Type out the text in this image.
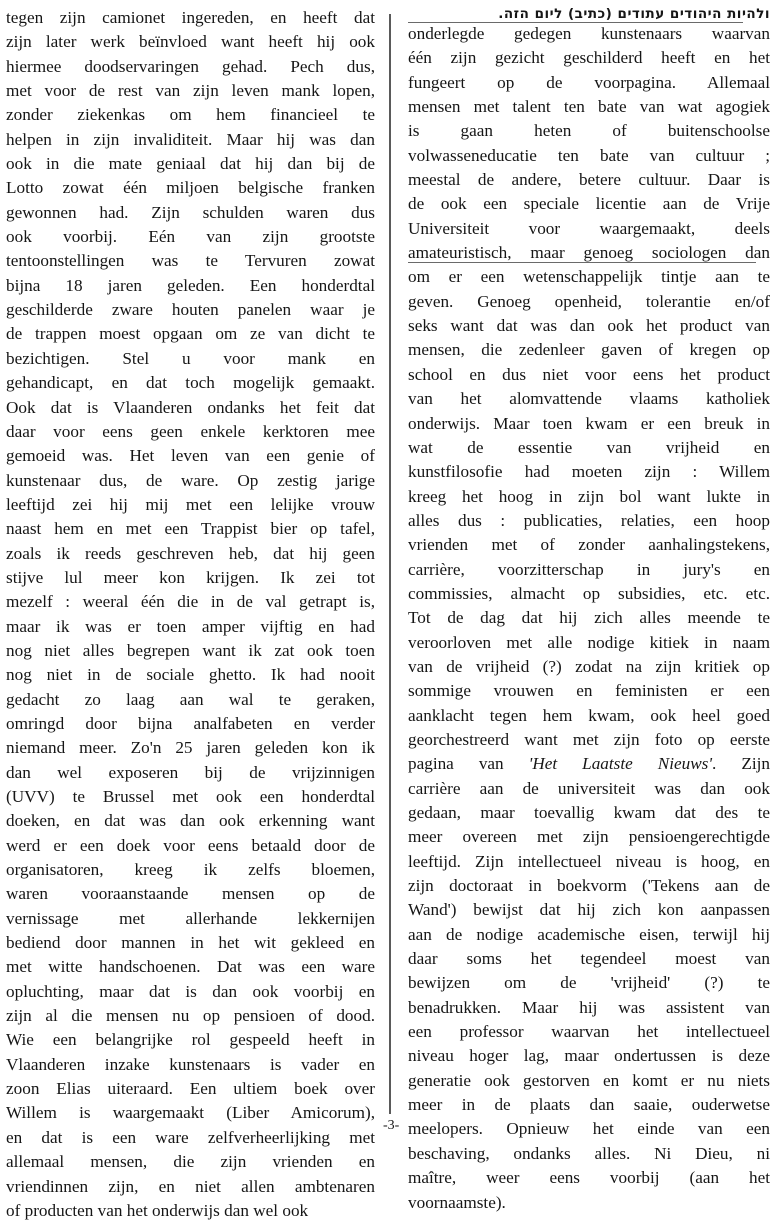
tegen zijn camionet ingereden, en heeft dat
zijn later werk beïnvloed want heeft hij ook
hiermee doodservaringen gehad. Pech dus,
met voor de rest van zijn leven mank lopen,
zonder ziekenkas om hem financieel te
helpen in zijn invaliditeit. Maar hij was dan
ook in die mate geniaal dat hij dan bij de
Lotto zowat één miljoen belgische franken
gewonnen had. Zijn schulden waren dus
ook voorbij. Eén van zijn grootste
tentoonstellingen was te Tervuren zowat
bijna 18 jaren geleden. Een honderdtal
geschilderde zware houten panelen waar je
de trappen moest opgaan om ze van dicht te
bezichtigen. Stel u voor mank en
gehandicapt, en dat toch mogelijk gemaakt.
Ook dat is Vlaanderen ondanks het feit dat
daar voor eens geen enkele kerktoren mee
gemoeid was. Het leven van een genie of
kunstenaar dus, de ware. Op zestig jarige
leeftijd zei hij mij met een lelijke vrouw
naast hem en met een Trappist bier op tafel,
zoals ik reeds geschreven heb, dat hij geen
stijve lul meer kon krijgen. Ik zei tot
mezelf : weeral één die in de val getrapt is,
maar ik was er toen amper vijftig en had
nog niet alles begrepen want ik zat ook toen
nog niet in de sociale ghetto. Ik had nooit
gedacht zo laag aan wal te geraken,
omringd door bijna analfabeten en verder
niemand meer. Zo'n 25 jaren geleden kon ik
dan wel exposeren bij de vrijzinnigen
(UVV) te Brussel met ook een honderdtal
doeken, en dat was dan ook erkenning want
werd er een doek voor eens betaald door de
organisatoren, kreeg ik zelfs bloemen,
waren vooraanstaande mensen op de
vernissage met allerhande lekkernijen
bediend door mannen in het wit gekleed en
met witte handschoenen. Dat was een ware
opluchting, maar dat is dan ook voorbij en
zijn al die mensen nu op pensioen of dood.
Wie een belangrijke rol gespeeld heeft in
Vlaanderen inzake kunstenaars is vader en
zoon Elias uiteraard. Een ultiem boek over
Willem is waargemaakt (Liber Amicorum),
en dat is een ware zelfverheerlijking met
allemaal mensen, die zijn vrienden en
vriendinnen zijn, en niet allen ambtenaren
of producten van het onderwijs dan wel ook
ולהיות היהודים עתודים (כתיב) ליום הזה.
onderlegde gedegen kunstenaars waarvan
één zijn gezicht geschilderd heeft en het
fungeert op de voorpagina. Allemaal
mensen met talent ten bate van wat agogiek
is gaan heten of buitenschoolse
volwasseneducatie ten bate van cultuur ;
meestal de andere, betere cultuur. Daar is
de ook een speciale licentie aan de Vrije
Universiteit voor waargemaakt, deels
amateuristisch, maar genoeg sociologen dan
om er een wetenschappelijk tintje aan te
geven. Genoeg openheid, tolerantie en/of
seks want dat was dan ook het product van
mensen, die zedenleer gaven of kregen op
school en dus niet voor eens het product
van het alomvattende vlaams katholiek
onderwijs. Maar toen kwam er een breuk in
wat de essentie van vrijheid en
kunstfilosofie had moeten zijn : Willem
kreeg het hoog in zijn bol want lukte in
alles dus : publicaties, relaties, een hoop
vrienden met of zonder aanhalingstekens,
carrière, voorzitterschap in jury's en
commissies, almacht op subsidies, etc. etc.
Tot de dag dat hij zich alles meende te
veroorloven met alle nodige kitiek in naam
van de vrijheid (?) zodat na zijn kritiek op
sommige vrouwen en feministen er een
aanklacht tegen hem kwam, ook heel goed
georchestreerd want met zijn foto op eerste
pagina van 'Het Laatste Nieuws'. Zijn
carrière aan de universiteit was dan ook
gedaan, maar toevallig kwam dat des te
meer overeen met zijn pensioengerechtigde
leeftijd. Zijn intellectueel niveau is hoog, en
zijn doctoraat in boekvorm ('Tekens aan de
Wand') bewijst dat hij zich kon aanpassen
aan de nodige academische eisen, terwijl hij
daar soms het tegendeel moest van
bewijzen om de 'vrijheid' (?) te
benadrukken. Maar hij was assistent van
een professor waarvan het intellectueel
niveau hoger lag, maar ondertussen is deze
generatie ook gestorven en komt er nu niets
meer in de plaats dan saaie, ouderwetse
meelopers. Opnieuw het einde van een
beschaving, ondanks alles. Ni Dieu, ni
maître, weer eens voorbij (aan het
voornaamste).
-3-
